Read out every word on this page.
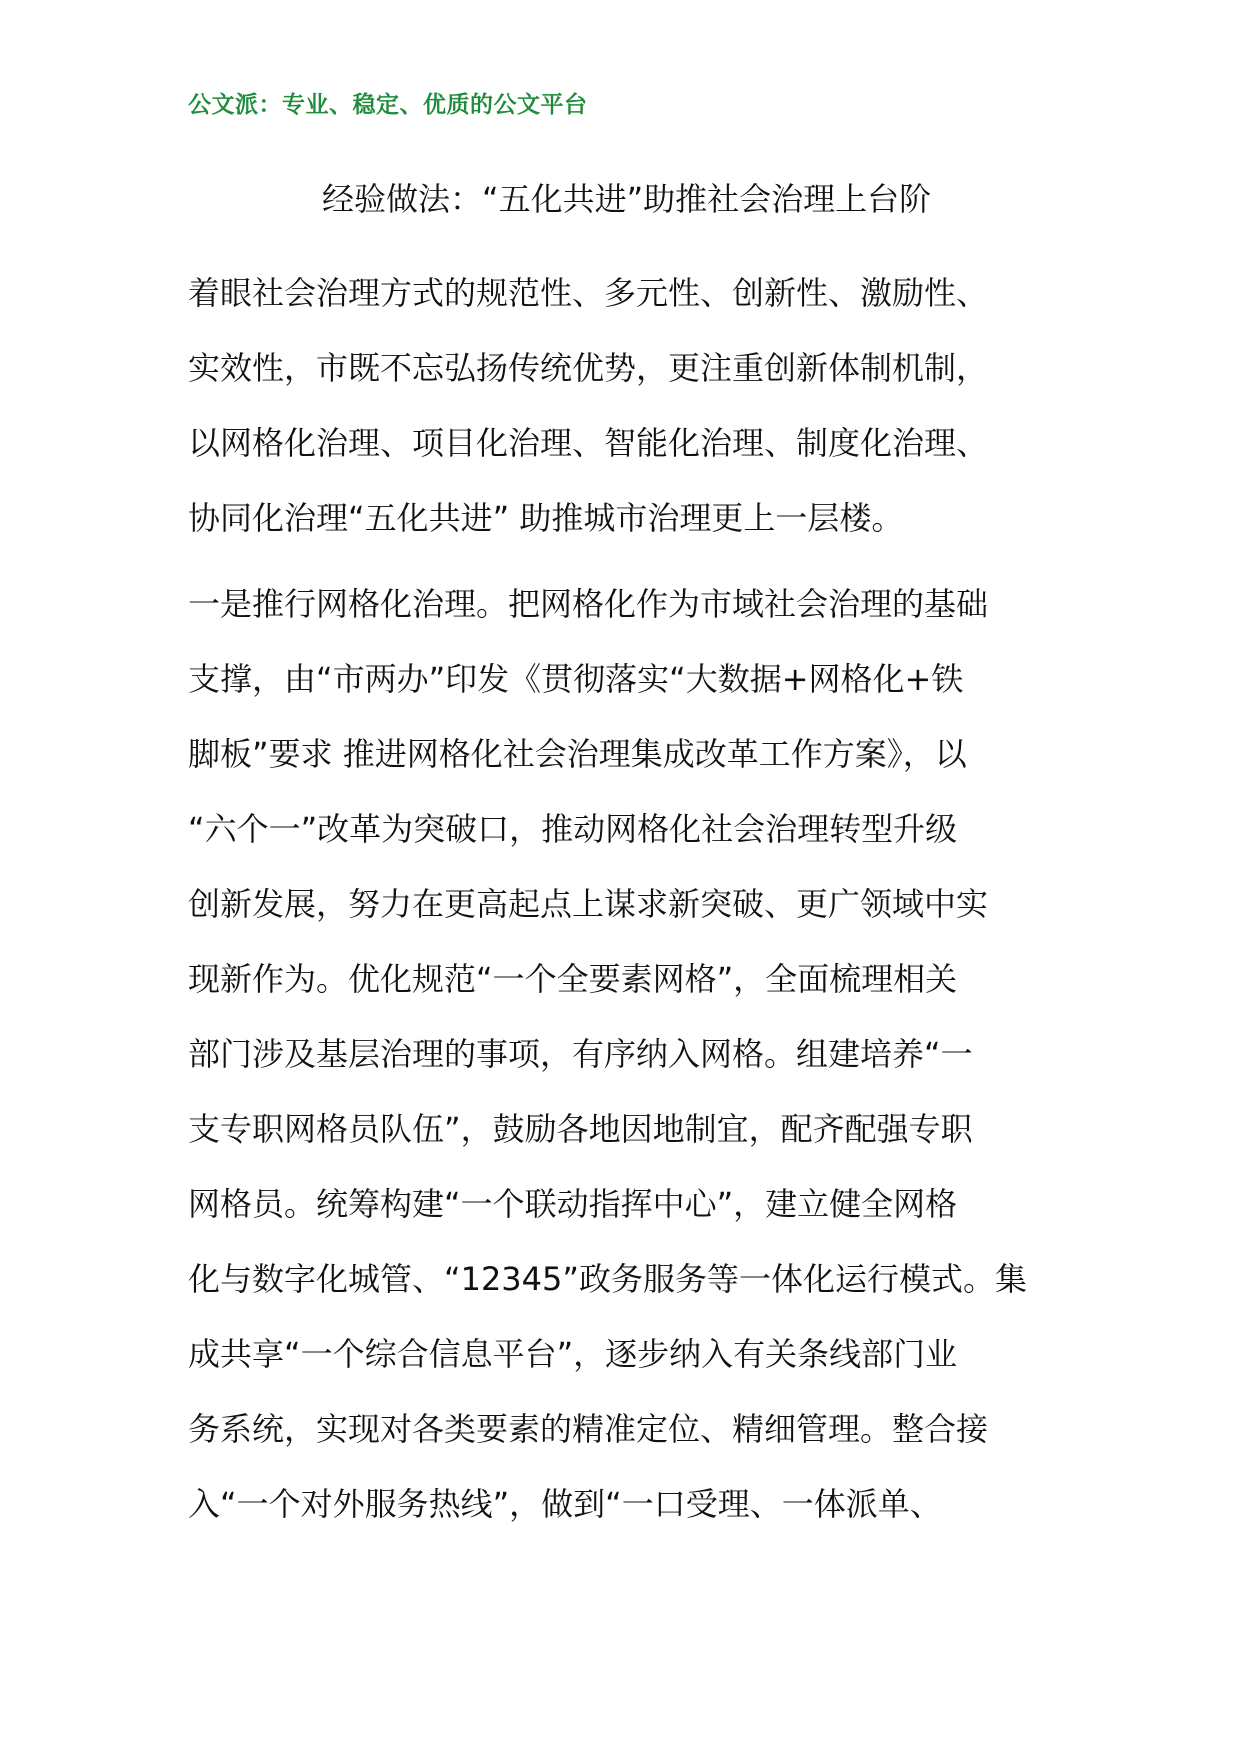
公文派：专业、稳定、优质的公文平台
经验做法：“五化共进”助推社会治理上台阶
着眼社会治理方式的规范性、多元性、创新性、激励性、
实效性，市既不忘弘扬传统优势，更注重创新体制机制，
以网格化治理、项目化治理、智能化治理、制度化治理、
协同化治理“五化共进” 助推城市治理更上一层楼。
一是推行网格化治理。把网格化作为市域社会治理的基础
支撑，由“市两办”印发《贯彻落实“大数据+网格化+铁
脚板”要求 推进网格化社会治理集成改革工作方案》，以
“六个一”改革为突破口，推动网格化社会治理转型升级
创新发展，努力在更高起点上谋求新突破、更广领域中实
现新作为。优化规范“一个全要素网格”，全面梳理相关
部门涉及基层治理的事项，有序纳入网格。组建培养“一
支专职网格员队伍”，鼓励各地因地制宜，配齐配强专职
网格员。统筹构建“一个联动指挥中心”，建立健全网格
化与数字化城管、“12345”政务服务等一体化运行模式。集
成共享“一个综合信息平台”，逐步纳入有关条线部门业
务系统，实现对各类要素的精准定位、精细管理。整合接
入“一个对外服务热线”，做到“一口受理、一体派单、
